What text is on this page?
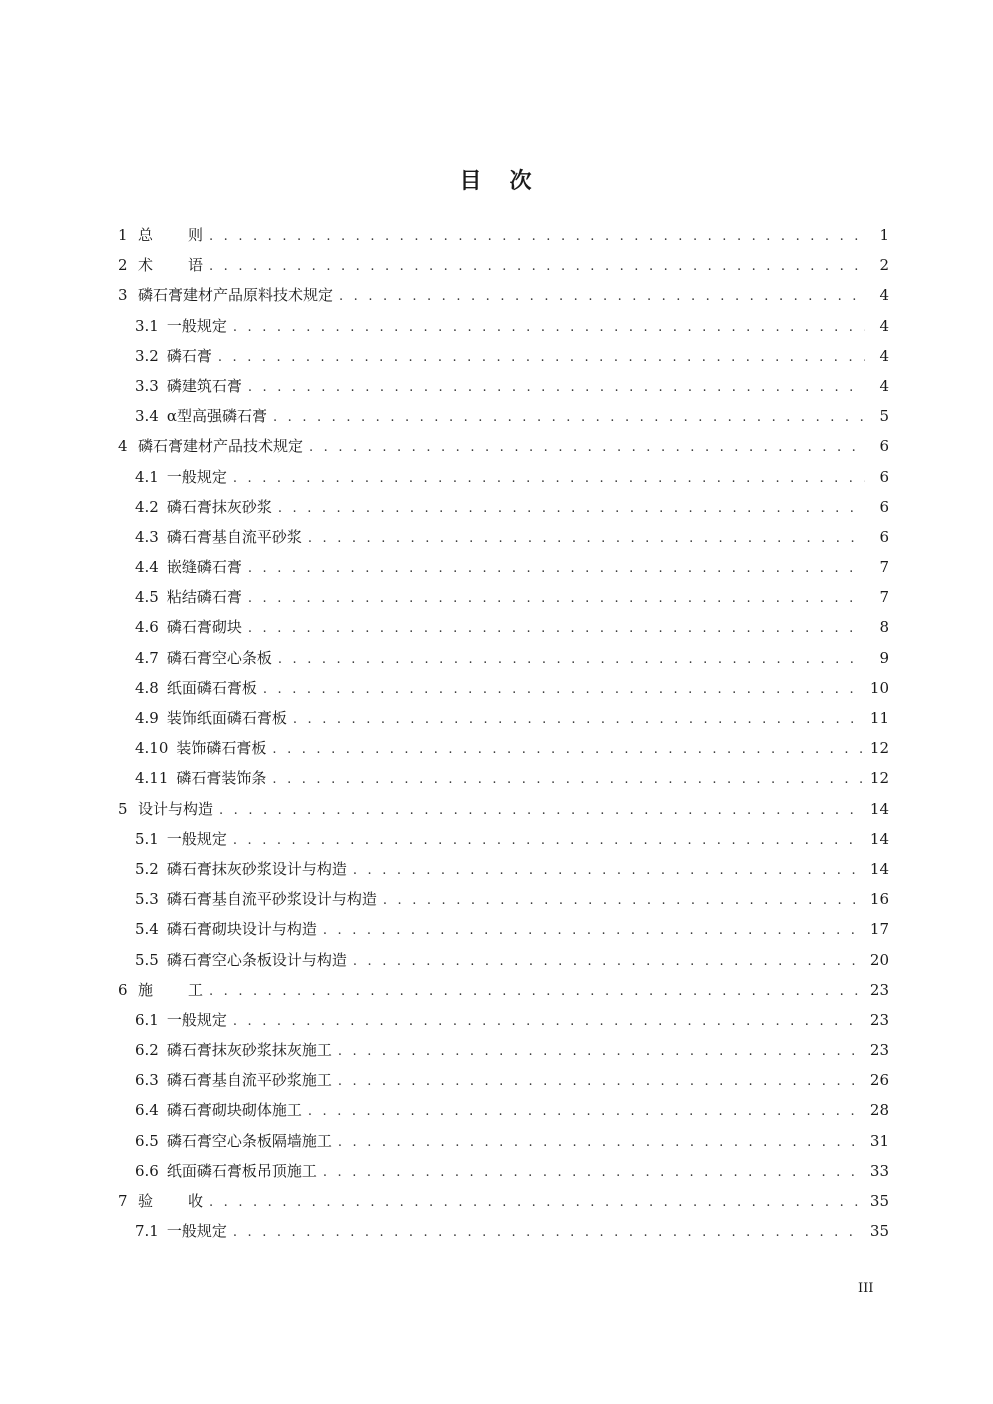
目 次
1 总则 . . .	1
2 术语 . . .	2
3 磷石膏建材产品原料技术规定 . . .	4
3.1 一般规定 . . .	4
3.2 磷石膏 . . .	4
3.3 磷建筑石膏 . . .	4
3.4 α型高强磷石膏 . . .	5
4 磷石膏建材产品技术规定 . . .	6
4.1 一般规定 . . .	6
4.2 磷石膏抹灰砂浆 . . .	6
4.3 磷石膏基自流平砂浆 . . .	6
4.4 嵌缝磷石膏 . . .	7
4.5 粘结磷石膏 . . .	7
4.6 磷石膏砌块 . . .	8
4.7 磷石膏空心条板 . . .	9
4.8 纸面磷石膏板 . . .	10
4.9 装饰纸面磷石膏板 . . .	11
4.10 装饰磷石膏板 . . .	12
4.11 磷石膏装饰条 . . .	12
5 设计与构造 . . .	14
5.1 一般规定 . . .	14
5.2 磷石膏抹灰砂浆设计与构造 . . .	14
5.3 磷石膏基自流平砂浆设计与构造 . . .	16
5.4 磷石膏砌块设计与构造 . . .	17
5.5 磷石膏空心条板设计与构造 . . .	20
6 施工 . . .	23
6.1 一般规定 . . .	23
6.2 磷石膏抹灰砂浆抹灰施工 . . .	23
6.3 磷石膏基自流平砂浆施工 . . .	26
6.4 磷石膏砌块砌体施工 . . .	28
6.5 磷石膏空心条板隔墙施工 . . .	31
6.6 纸面磷石膏板吊顶施工 . . .	33
7 验收 . . .	35
7.1 一般规定 . . .	35
III
